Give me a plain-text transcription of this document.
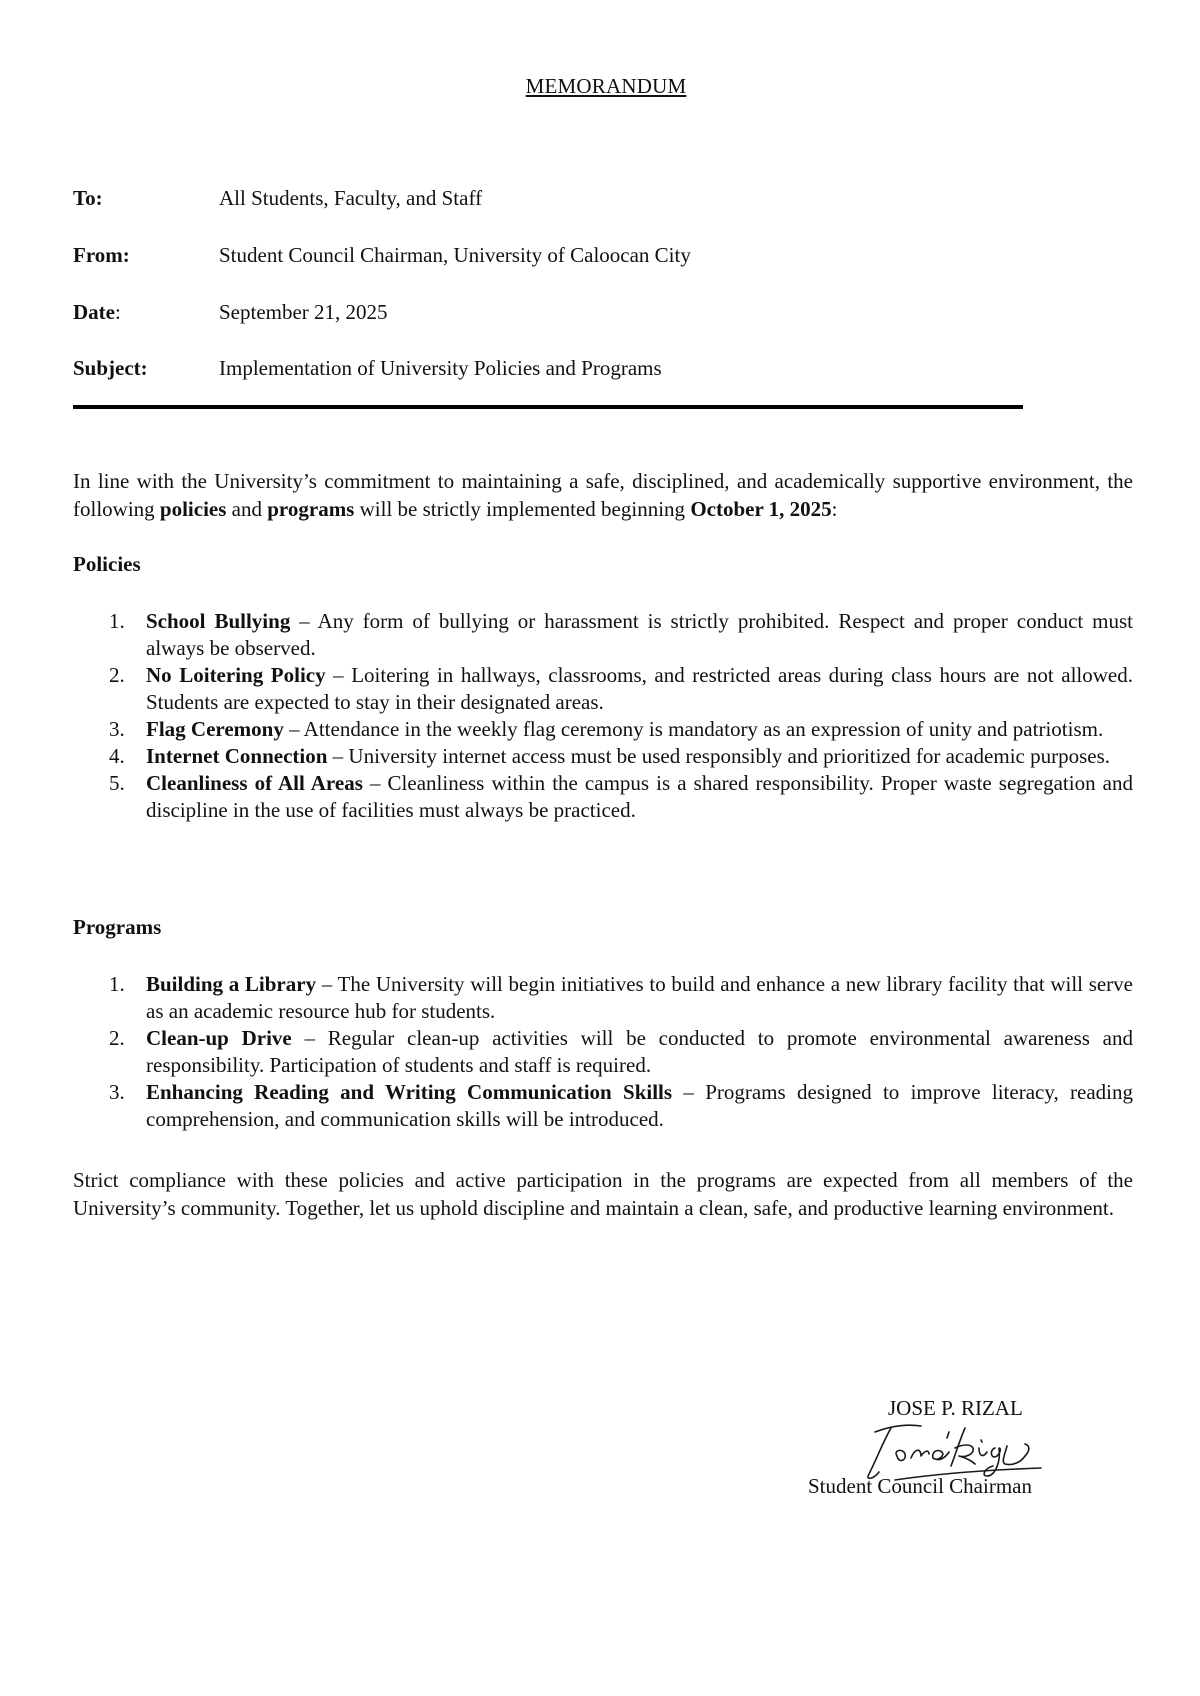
MEMORANDUM
To:	All Students, Faculty, and Staff
From:	Student Council Chairman, University of Caloocan City
Date:	September 21, 2025
Subject:	Implementation of University Policies and Programs
In line with the University’s commitment to maintaining a safe, disciplined, and academically supportive environment, the following policies and programs will be strictly implemented beginning October 1, 2025:
Policies
1. School Bullying – Any form of bullying or harassment is strictly prohibited. Respect and proper conduct must always be observed.
2. No Loitering Policy – Loitering in hallways, classrooms, and restricted areas during class hours are not allowed. Students are expected to stay in their designated areas.
3. Flag Ceremony – Attendance in the weekly flag ceremony is mandatory as an expression of unity and patriotism.
4. Internet Connection – University internet access must be used responsibly and prioritized for academic purposes.
5. Cleanliness of All Areas – Cleanliness within the campus is a shared responsibility. Proper waste segregation and discipline in the use of facilities must always be practiced.
Programs
1. Building a Library – The University will begin initiatives to build and enhance a new library facility that will serve as an academic resource hub for students.
2. Clean-up Drive – Regular clean-up activities will be conducted to promote environmental awareness and responsibility. Participation of students and staff is required.
3. Enhancing Reading and Writing Communication Skills – Programs designed to improve literacy, reading comprehension, and communication skills will be introduced.
Strict compliance with these policies and active participation in the programs are expected from all members of the University’s community. Together, let us uphold discipline and maintain a clean, safe, and productive learning environment.
JOSE P. RIZAL
Student Council Chairman
